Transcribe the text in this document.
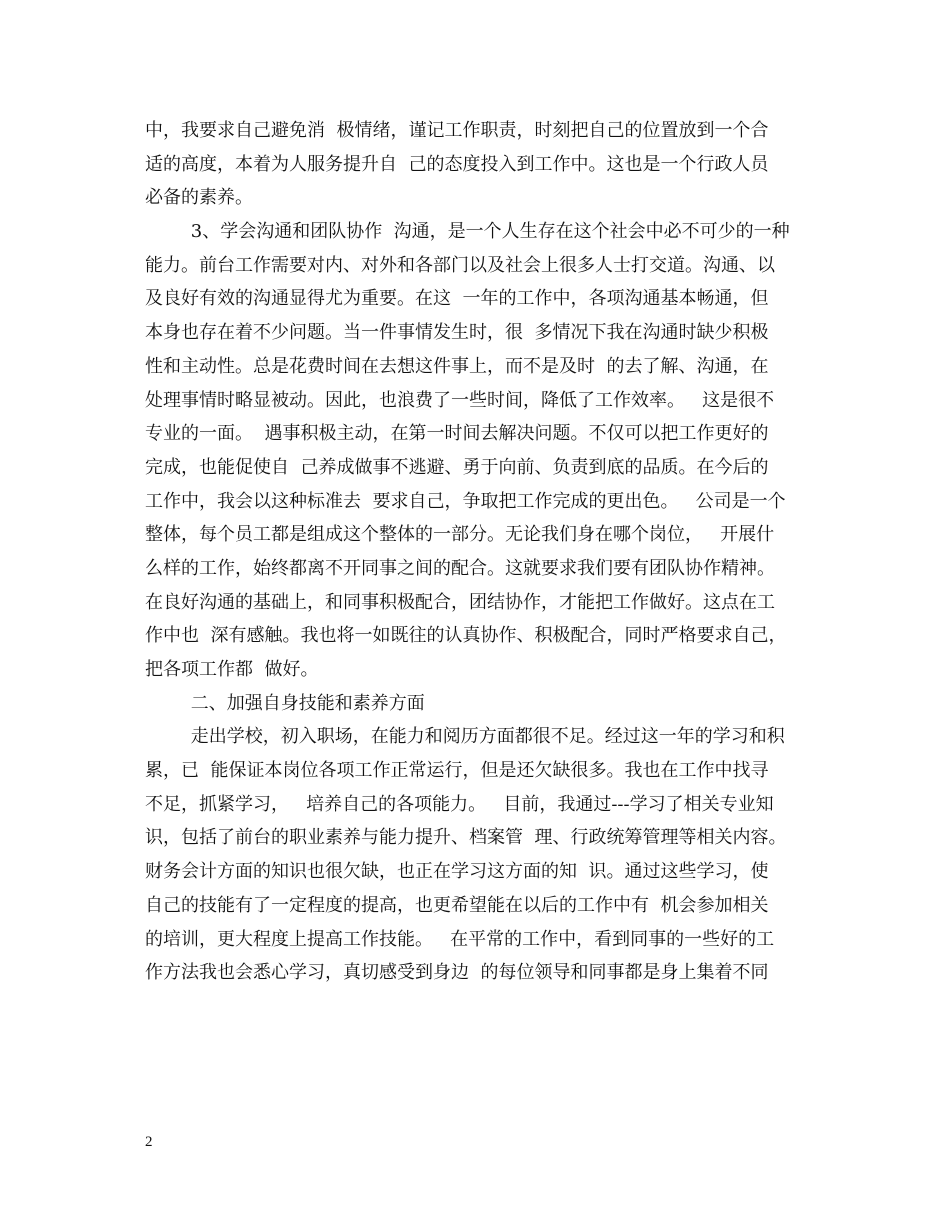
中，我要求自己避免消  极情绪，谨记工作职责，时刻把自己的位置放到一个合
适的高度，本着为人服务提升自  己的态度投入到工作中。这也是一个行政人员
必备的素养。
3、学会沟通和团队协作  沟通，是一个人生存在这个社会中必不可少的一种
能力。前台工作需要对内、对外和各部门以及社会上很多人士打交道。沟通、以
及良好有效的沟通显得尤为重要。在这  一年的工作中，各项沟通基本畅通，但
本身也存在着不少问题。当一件事情发生时，很  多情况下我在沟通时缺少积极
性和主动性。总是花费时间在去想这件事上，而不是及时  的去了解、沟通，在
处理事情时略显被动。因此，也浪费了一些时间，降低了工作效率。   这是很不
专业的一面。  遇事积极主动，在第一时间去解决问题。不仅可以把工作更好的
完成，也能促使自  己养成做事不逃避、勇于向前、负责到底的品质。在今后的
工作中，我会以这种标准去  要求自己，争取把工作完成的更出色。   公司是一个
整体，每个员工都是组成这个整体的一部分。无论我们身在哪个岗位，   开展什
么样的工作，始终都离不开同事之间的配合。这就要求我们要有团队协作精神。
在良好沟通的基础上，和同事积极配合，团结协作，才能把工作做好。这点在工
作中也  深有感触。我也将一如既往的认真协作、积极配合，同时严格要求自己，
把各项工作都  做好。
二、加强自身技能和素养方面
走出学校，初入职场，在能力和阅历方面都很不足。经过这一年的学习和积
累，已  能保证本岗位各项工作正常运行，但是还欠缺很多。我也在工作中找寻
不足，抓紧学习，   培养自己的各项能力。   目前，我通过---学习了相关专业知
识，包括了前台的职业素养与能力提升、档案管  理、行政统筹管理等相关内容。
财务会计方面的知识也很欠缺，也正在学习这方面的知  识。通过这些学习，使
自己的技能有了一定程度的提高，也更希望能在以后的工作中有  机会参加相关
的培训，更大程度上提高工作技能。   在平常的工作中，看到同事的一些好的工
作方法我也会悉心学习，真切感受到身边  的每位领导和同事都是身上集着不同
2
